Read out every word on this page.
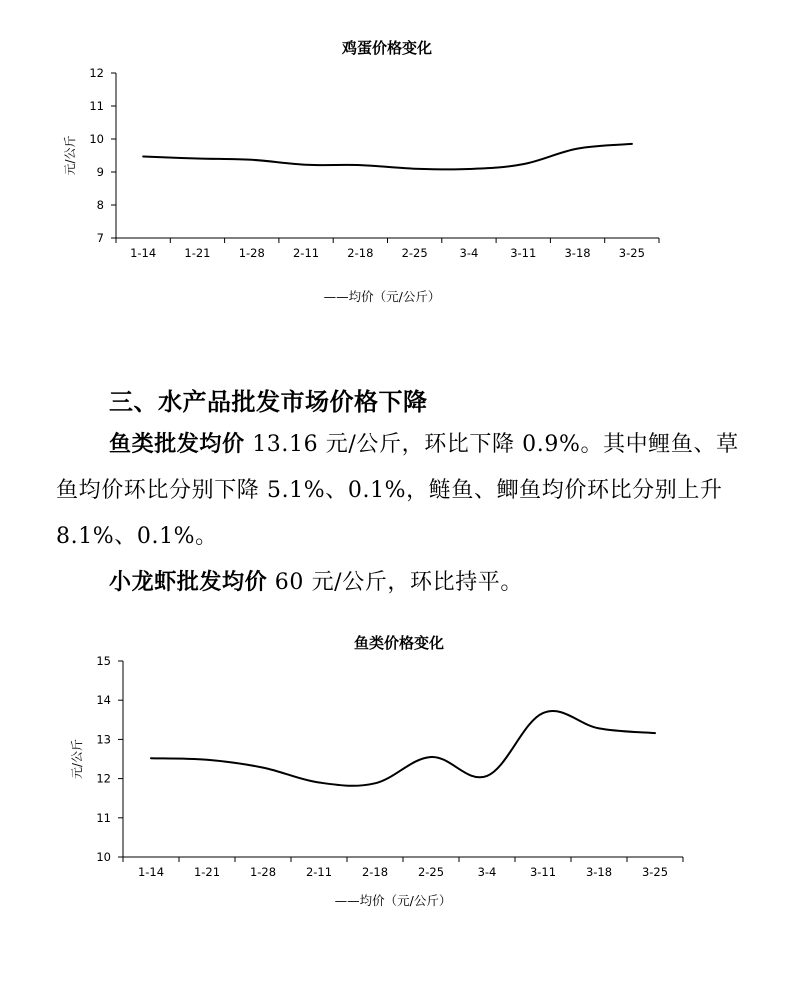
鸡蛋价格变化
元/公斤
7
8
9
10
11
12
1-14 1-21 1-28 2-11 2-18 2-25	3-4	3-11 3-18 3-25
——均价（元/公斤）
三、水产品批发市场价格下降

鱼类批发均价 13.16 元/公斤，环比下降 0.9%。其中鲤鱼、草鱼均价环比分别下降 5.1%、0.1%，鲢鱼、鲫鱼均价环比分别上升 8.1%、0.1%。

小龙虾批发均价 60 元/公斤，环比持平。

鱼类价格变化
元/公斤
10
11
12
13
14
15
1-14	1-21	1-28	2-11	2-18	2-25	3-4	3-11	3-18	3-25
——均价（元/公斤）
